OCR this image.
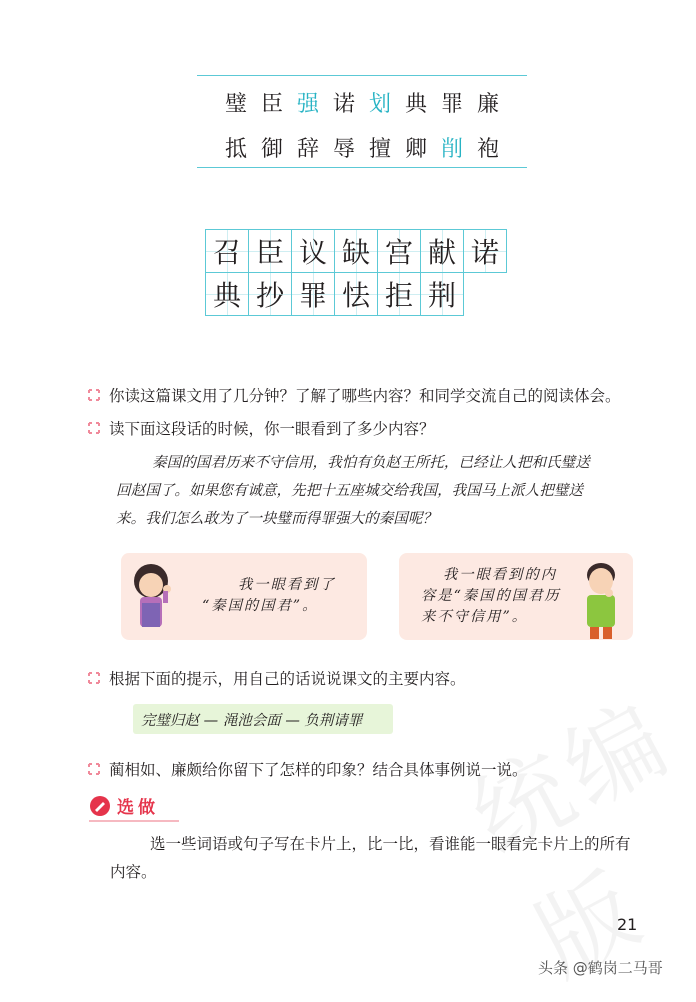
璧 臣 强 诺 划 典 罪 廉
抵 御 辞 辱 擅 卿 削 袍
召 臣 议 缺 宫 献 诺
典 抄 罪 怯 拒 荆
你读这篇课文用了几分钟？了解了哪些内容？和同学交流自己的阅读体会。
读下面这段话的时候，你一眼看到了多少内容？
秦国的国君历来不守信用，我怕有负赵王所托，已经让人把和氏璧送
回赵国了。如果您有诚意，先把十五座城交给我国，我国马上派人把璧送
来。我们怎么敢为了一块璧而得罪强大的秦国呢？
我一眼看到了
“秦国的国君”。
我一眼看到的内
容是“秦国的国君历
来不守信用”。
根据下面的提示，用自己的话说说课文的主要内容。
完璧归赵 — 渑池会面 — 负荆请罪
蔺相如、廉颇给你留下了怎样的印象？结合具体事例说一说。
选做
选一些词语或句子写在卡片上，比一比，看谁能一眼看完卡片上的所有
内容。
21
头条 @鹤岗二马哥
